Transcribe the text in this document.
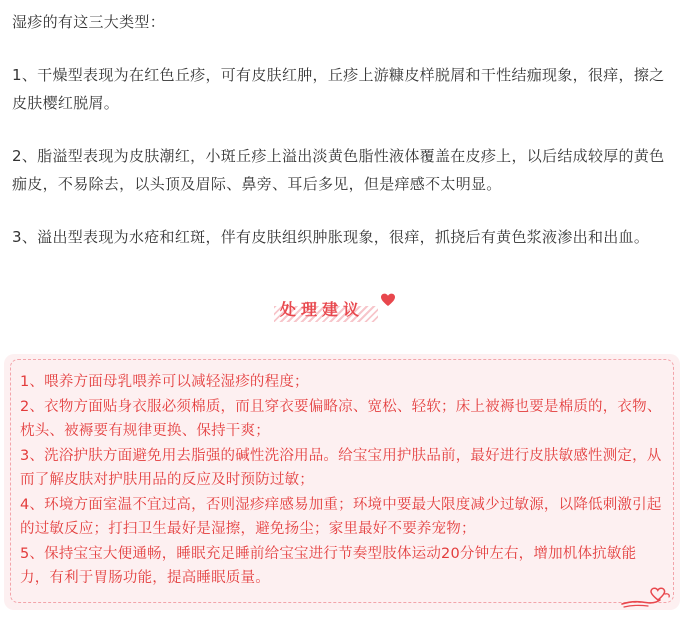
湿疹的有这三大类型：

1、干燥型表现为在红色丘疹，可有皮肤红肿，丘疹上游糠皮样脱屑和干性结痂现象，很痒，擦之皮肤樱红脱屑。

2、脂溢型表现为皮肤潮红，小斑丘疹上溢出淡黄色脂性液体覆盖在皮疹上，以后结成较厚的黄色痂皮，不易除去，以头顶及眉际、鼻旁、耳后多见，但是痒感不太明显。

3、溢出型表现为水疮和红斑，伴有皮肤组织肿胀现象，很痒，抓挠后有黄色浆液渗出和出血。

处理建议

1、喂养方面母乳喂养可以减轻湿疹的程度；

2、衣物方面贴身衣服必须棉质，而且穿衣要偏略凉、宽松、轻软；床上被褥也要是棉质的，衣物、枕头、被褥要有规律更换、保持干爽；

3、洗浴护肤方面避免用去脂强的碱性洗浴用品。给宝宝用护肤品前，最好进行皮肤敏感性测定，从而了解皮肤对护肤用品的反应及时预防过敏；

4、环境方面室温不宜过高，否则湿疹痒感易加重；环境中要最大限度减少过敏源，以降低刺激引起的过敏反应；打扫卫生最好是湿擦，避免扬尘；家里最好不要养宠物；

5、保持宝宝大便通畅，睡眠充足睡前给宝宝进行节奏型肢体运动20分钟左右，增加机体抗敏能力，有利于胃肠功能，提高睡眠质量。
